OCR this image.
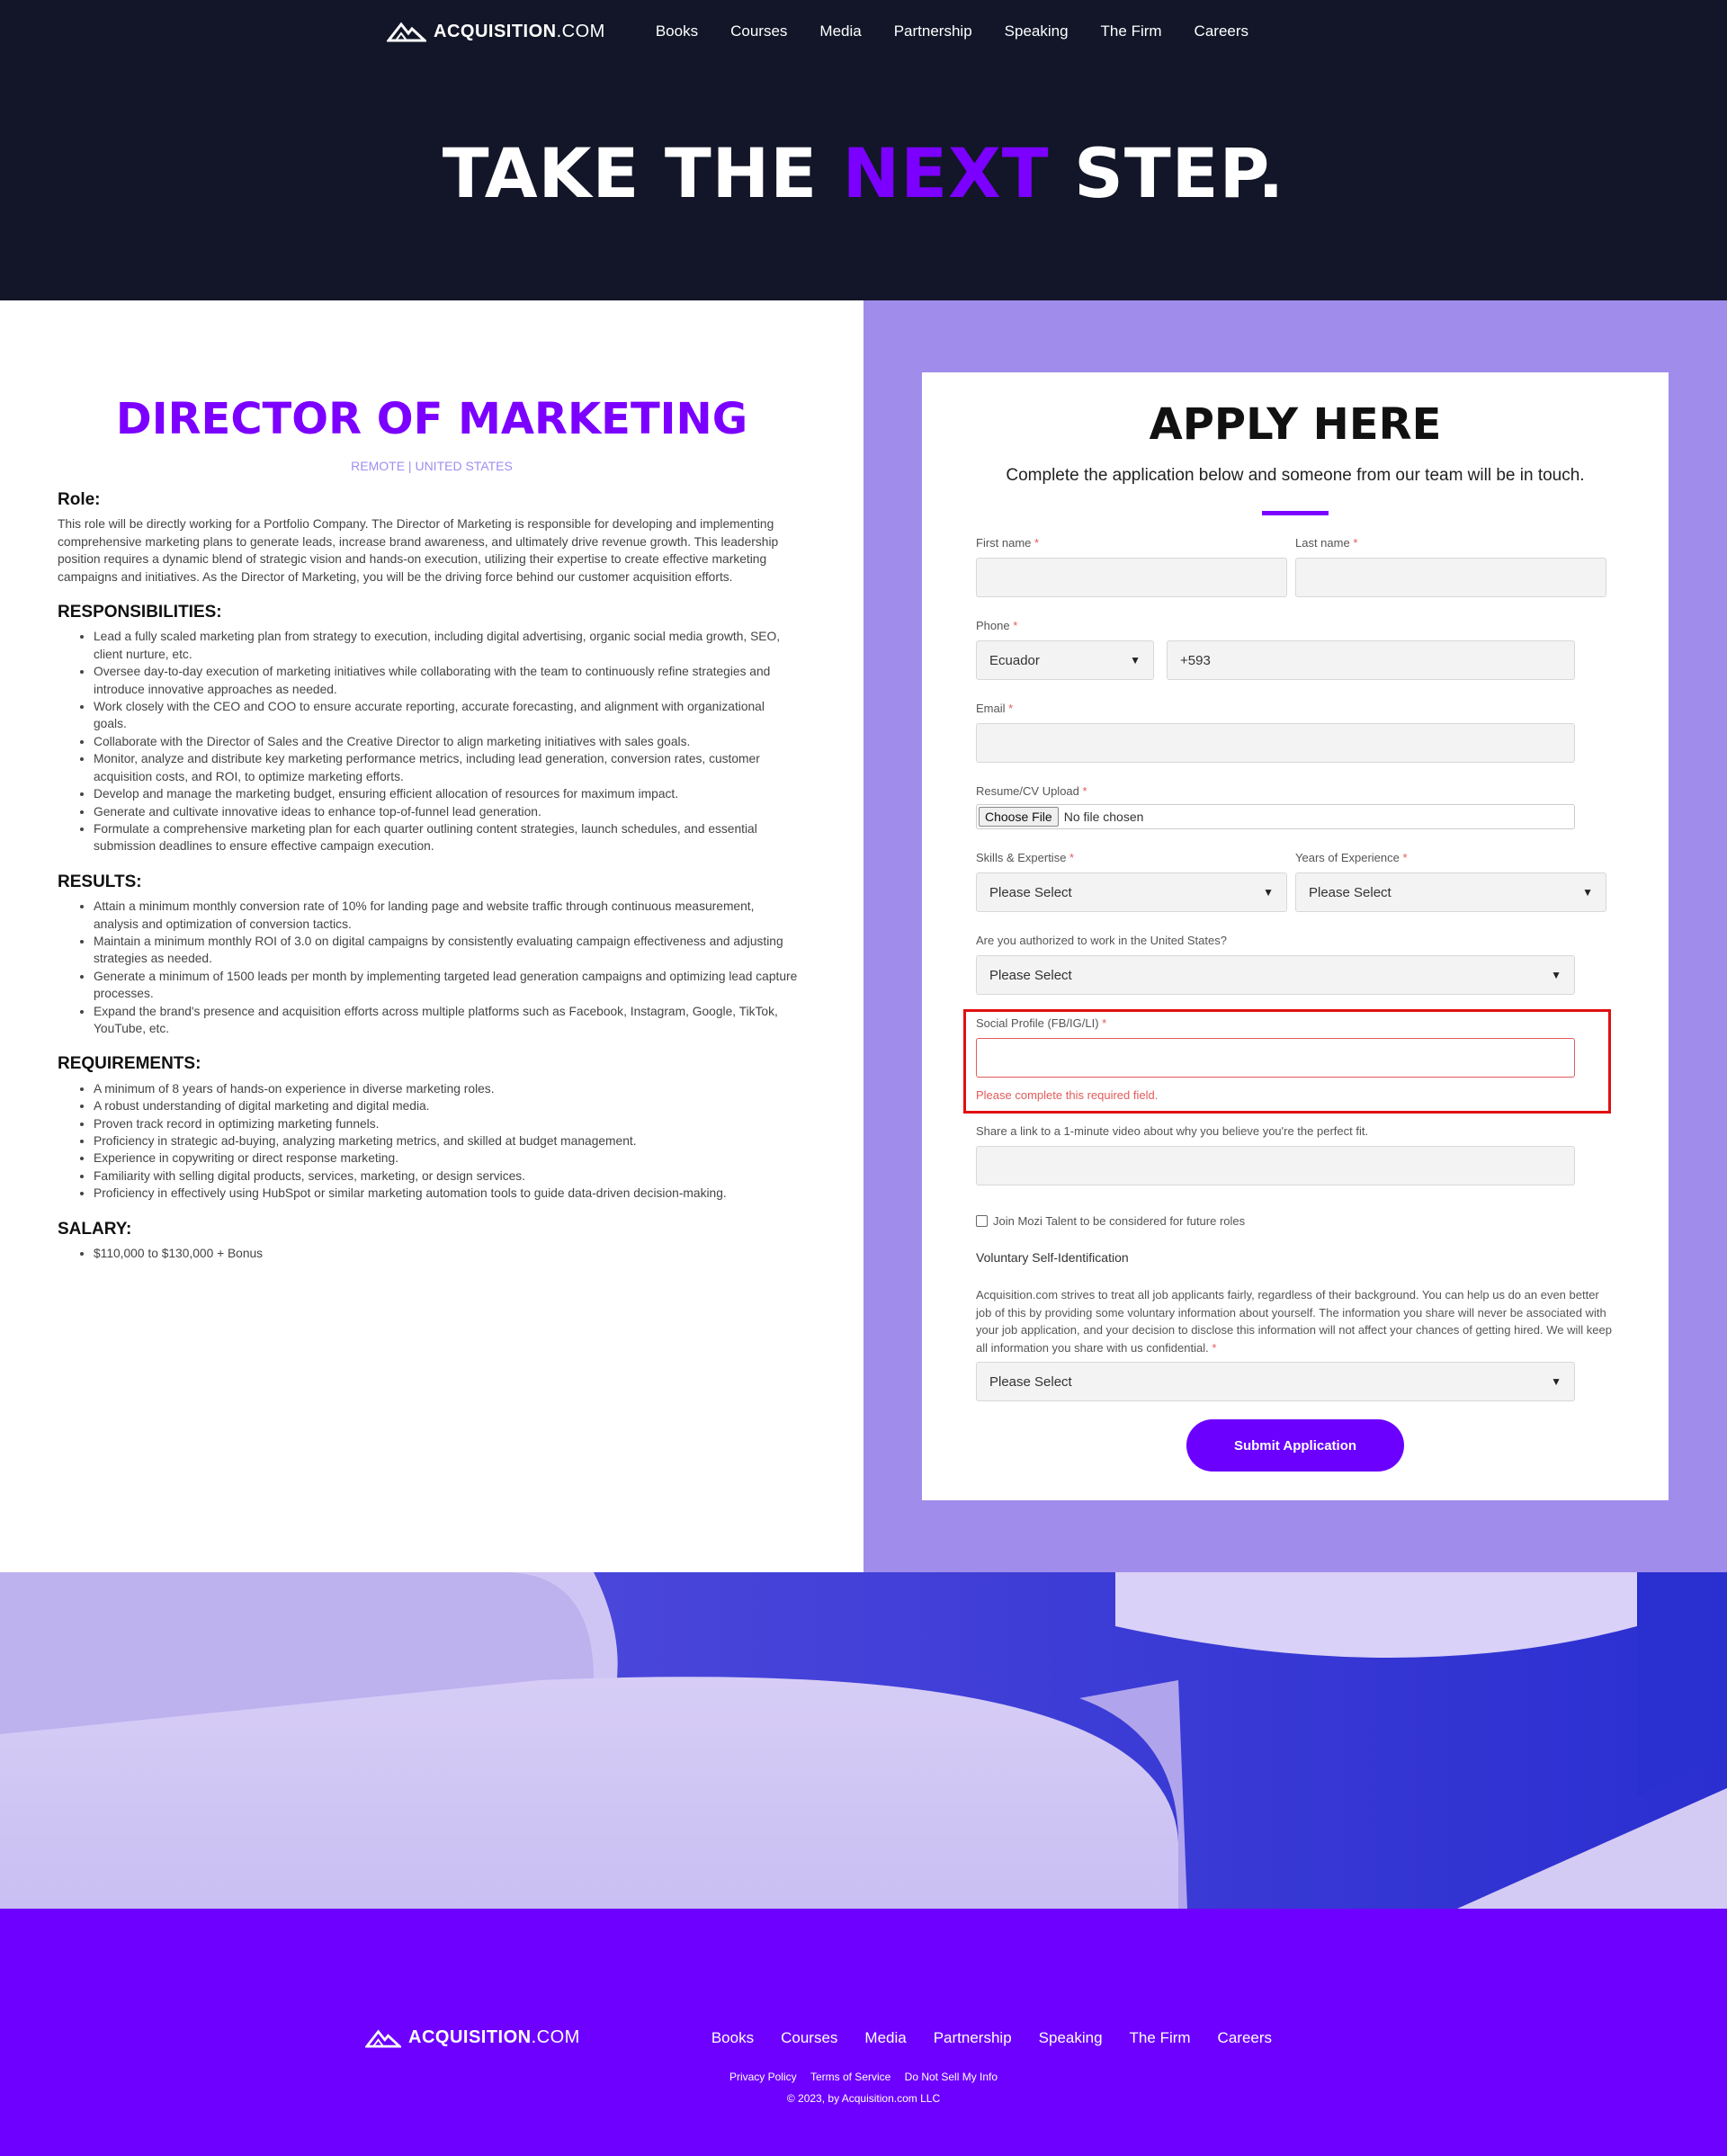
ACQUISITION .COM	Books Courses Media Partnership Speaking The Firm Careers
TAKE THE NEXT STEP.
DIRECTOR OF MARKETING
REMOTE | UNITED STATES
Role:

This role will be directly working for a Portfolio Company. The Director of Marketing is responsible for developing and implementing comprehensive marketing plans to generate leads, increase brand awareness, and ultimately drive revenue growth. This leadership position requires a dynamic blend of strategic vision and hands-on execution, utilizing their expertise to create effective marketing campaigns and initiatives. As the Director of Marketing, you will be the driving force behind our customer acquisition efforts.

RESPONSIBILITIES:
• Lead a fully scaled marketing plan from strategy to execution, including digital advertising, organic social media growth, SEO, client nurture, etc.
• Oversee day-to-day execution of marketing initiatives while collaborating with the team to continuously refine strategies and introduce innovative approaches as needed.
• Work closely with the CEO and COO to ensure accurate reporting, accurate forecasting, and alignment with organizational goals.
• Collaborate with the Director of Sales and the Creative Director to align marketing initiatives with sales goals.
• Monitor, analyze and distribute key marketing performance metrics, including lead generation, conversion rates, customer acquisition costs, and ROI, to optimize marketing efforts.
• Develop and manage the marketing budget, ensuring efficient allocation of resources for maximum impact.
• Generate and cultivate innovative ideas to enhance top-of-funnel lead generation.
• Formulate a comprehensive marketing plan for each quarter outlining content strategies, launch schedules, and essential submission deadlines to ensure effective campaign execution.
RESULTS:
• Attain a minimum monthly conversion rate of 10% for landing page and website traffic through continuous measurement, analysis and optimization of conversion tactics.
• Maintain a minimum monthly ROI of 3.0 on digital campaigns by consistently evaluating campaign effectiveness and adjusting strategies as needed.
• Generate a minimum of 1500 leads per month by implementing targeted lead generation campaigns and optimizing lead capture processes.
• Expand the brand's presence and acquisition efforts across multiple platforms such as Facebook, Instagram, Google, TikTok, YouTube, etc.
REQUIREMENTS:
• A minimum of 8 years of hands-on experience in diverse marketing roles.
• A robust understanding of digital marketing and digital media.
• Proven track record in optimizing marketing funnels.
• Proficiency in strategic ad-buying, analyzing marketing metrics, and skilled at budget management.
• Experience in copywriting or direct response marketing.
• Familiarity with selling digital products, services, marketing, or design services.
• Proficiency in effectively using HubSpot or similar marketing automation tools to guide data-driven decision-making.
SALARY:
• $110,000 to $130,000 + Bonus
APPLY HERE
Complete the application below and someone from our team will be in touch.
First name *	Last name *
Phone *
Ecuador	▼	+593
Email *
Resume/CV Upload *
Choose File No file chosen
Skills & Expertise *
Please Select	▼
Years of Experience *
Please Select	▼
Are you authorized to work in the United States?
Please Select	▼
Social Profile (FB/IG/LI) *
Please complete this required field.
Share a link to a 1-minute video about why you believe you're the perfect fit.
Join Mozi Talent to be considered for future roles
Voluntary Self-Identification
Acquisition.com strives to treat all job applicants fairly, regardless of their background. You can help us do an even better job of this by providing some voluntary information about yourself. The information you share will never be associated with your job application, and your decision to disclose this information will not affect your chances of getting hired. We will keep all information you share with us confidential. *
Please Select	▼
Submit Application
ACQUISITION .COM	Books Courses Media Partnership Speaking The Firm Careers
Privacy Policy Terms of Service Do Not Sell My Info
© 2023, by Acquisition.com LLC
